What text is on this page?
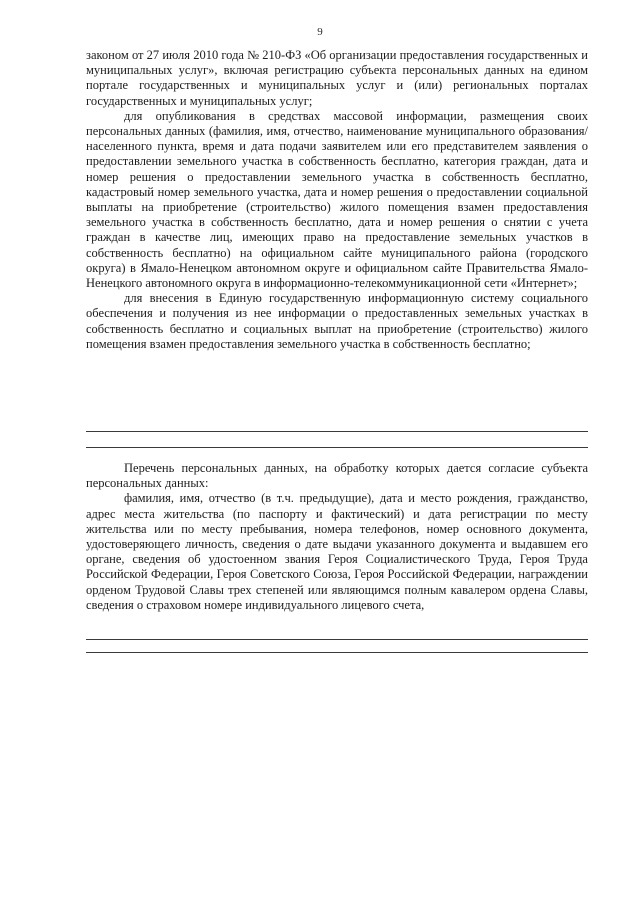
9

законом от 27 июля 2010 года № 210-ФЗ «Об организации предоставления государственных и муниципальных услуг», включая регистрацию субъекта персональных данных на едином портале государственных и муниципальных услуг и (или) региональных порталах государственных и муниципальных услуг;

для опубликования в средствах массовой информации, размещения своих персональных данных (фамилия, имя, отчество, наименование муниципального образования/населенного пункта, время и дата подачи заявителем или его представителем заявления о предоставлении земельного участка в собственность бесплатно, категория граждан, дата и номер решения о предоставлении земельного участка в собственность бесплатно, кадастровый номер земельного участка, дата и номер решения о предоставлении социальной выплаты на приобретение (строительство) жилого помещения взамен предоставления земельного участка в собственность бесплатно, дата и номер решения о снятии с учета граждан в качестве лиц, имеющих право на предоставление земельных участков в собственность бесплатно) на официальном сайте муниципального района (городского округа) в Ямало-Ненецком автономном округе и официальном сайте Правительства Ямало-Ненецкого автономного округа в информационно-телекоммуникационной сети «Интернет»;

для внесения в Единую государственную информационную систему социального обеспечения и получения из нее информации о предоставленных земельных участках в собственность бесплатно и социальных выплат на приобретение (строительство) жилого помещения взамен предоставления земельного участка в собственность бесплатно;

Перечень персональных данных, на обработку которых дается согласие субъекта персональных данных:

фамилия, имя, отчество (в т.ч. предыдущие), дата и место рождения, гражданство, адрес места жительства (по паспорту и фактический) и дата регистрации по месту жительства или по месту пребывания, номера телефонов, номер основного документа, удостоверяющего личность, сведения о дате выдачи указанного документа и выдавшем его органе, сведения об удостоенном звания Героя Социалистического Труда, Героя Труда Российской Федерации, Героя Советского Союза, Героя Российской Федерации, награждении орденом Трудовой Славы трех степеней или являющимся полным кавалером ордена Славы, сведения о страховом номере индивидуального лицевого счета,
